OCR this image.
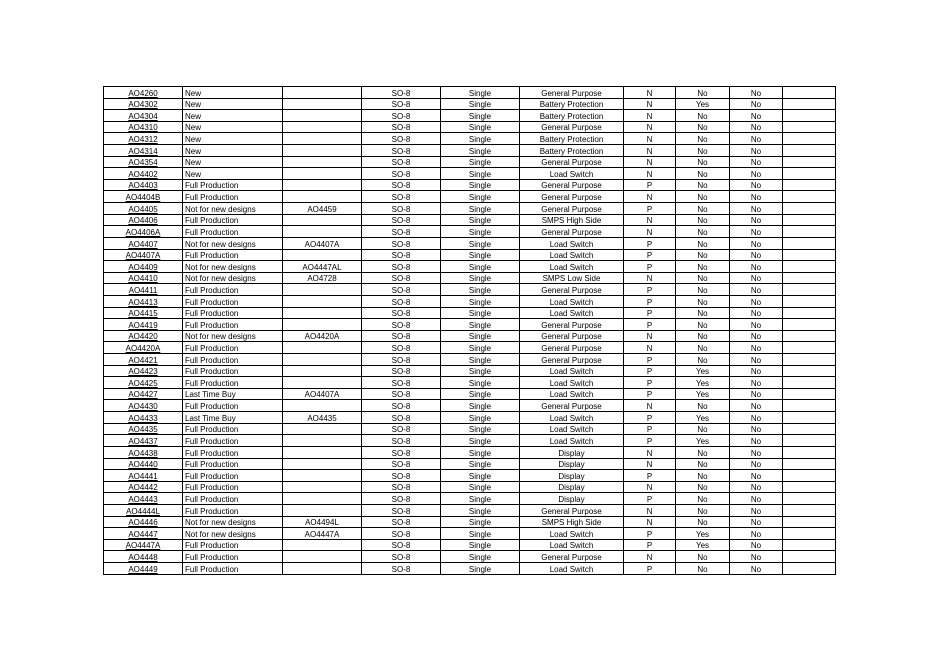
AO4260	New		SO-8	Single	General Purpose	N	No	No	
AO4302	New		SO-8	Single	Battery Protection	N	Yes	No	
AO4304	New		SO-8	Single	Battery Protection	N	No	No	
AO4310	New		SO-8	Single	General Purpose	N	No	No	
AO4312	New		SO-8	Single	Battery Protection	N	No	No	
AO4314	New		SO-8	Single	Battery Protection	N	No	No	
AO4354	New		SO-8	Single	General Purpose	N	No	No	
AO4402	New		SO-8	Single	Load Switch	N	No	No	
AO4403	Full Production		SO-8	Single	General Purpose	P	No	No	
AO4404B	Full Production		SO-8	Single	General Purpose	N	No	No	
AO4405	Not for new designs	AO4459	SO-8	Single	General Purpose	P	No	No	
AO4406	Full Production		SO-8	Single	SMPS High Side	N	No	No	
AO4406A	Full Production		SO-8	Single	General Purpose	N	No	No	
AO4407	Not for new designs	AO4407A	SO-8	Single	Load Switch	P	No	No	
AO4407A	Full Production		SO-8	Single	Load Switch	P	No	No	
AO4409	Not for new designs	AO4447AL	SO-8	Single	Load Switch	P	No	No	
AO4410	Not for new designs	AO4728	SO-8	Single	SMPS Low Side	N	No	No	
AO4411	Full Production		SO-8	Single	General Purpose	P	No	No	
AO4413	Full Production		SO-8	Single	Load Switch	P	No	No	
AO4415	Full Production		SO-8	Single	Load Switch	P	No	No	
AO4419	Full Production		SO-8	Single	General Purpose	P	No	No	
AO4420	Not for new designs	AO4420A	SO-8	Single	General Purpose	N	No	No	
AO4420A	Full Production		SO-8	Single	General Purpose	N	No	No	
AO4421	Full Production		SO-8	Single	General Purpose	P	No	No	
AO4423	Full Production		SO-8	Single	Load Switch	P	Yes	No	
AO4425	Full Production		SO-8	Single	Load Switch	P	Yes	No	
AO4427	Last Time Buy	AO4407A	SO-8	Single	Load Switch	P	Yes	No	
AO4430	Full Production		SO-8	Single	General Purpose	N	No	No	
AO4433	Last Time Buy	AO4435	SO-8	Single	Load Switch	P	Yes	No	
AO4435	Full Production		SO-8	Single	Load Switch	P	No	No	
AO4437	Full Production		SO-8	Single	Load Switch	P	Yes	No	
AO4438	Full Production		SO-8	Single	Display	N	No	No	
AO4440	Full Production		SO-8	Single	Display	N	No	No	
AO4441	Full Production		SO-8	Single	Display	P	No	No	
AO4442	Full Production		SO-8	Single	Display	N	No	No	
AO4443	Full Production		SO-8	Single	Display	P	No	No	
AO4444L	Full Production		SO-8	Single	General Purpose	N	No	No	
AO4446	Not for new designs	AO4494L	SO-8	Single	SMPS High Side	N	No	No	
AO4447	Not for new designs	AO4447A	SO-8	Single	Load Switch	P	Yes	No	
AO4447A	Full Production		SO-8	Single	Load Switch	P	Yes	No	
AO4448	Full Production		SO-8	Single	General Purpose	N	No	No	
AO4449	Full Production		SO-8	Single	Load Switch	P	No	No	
